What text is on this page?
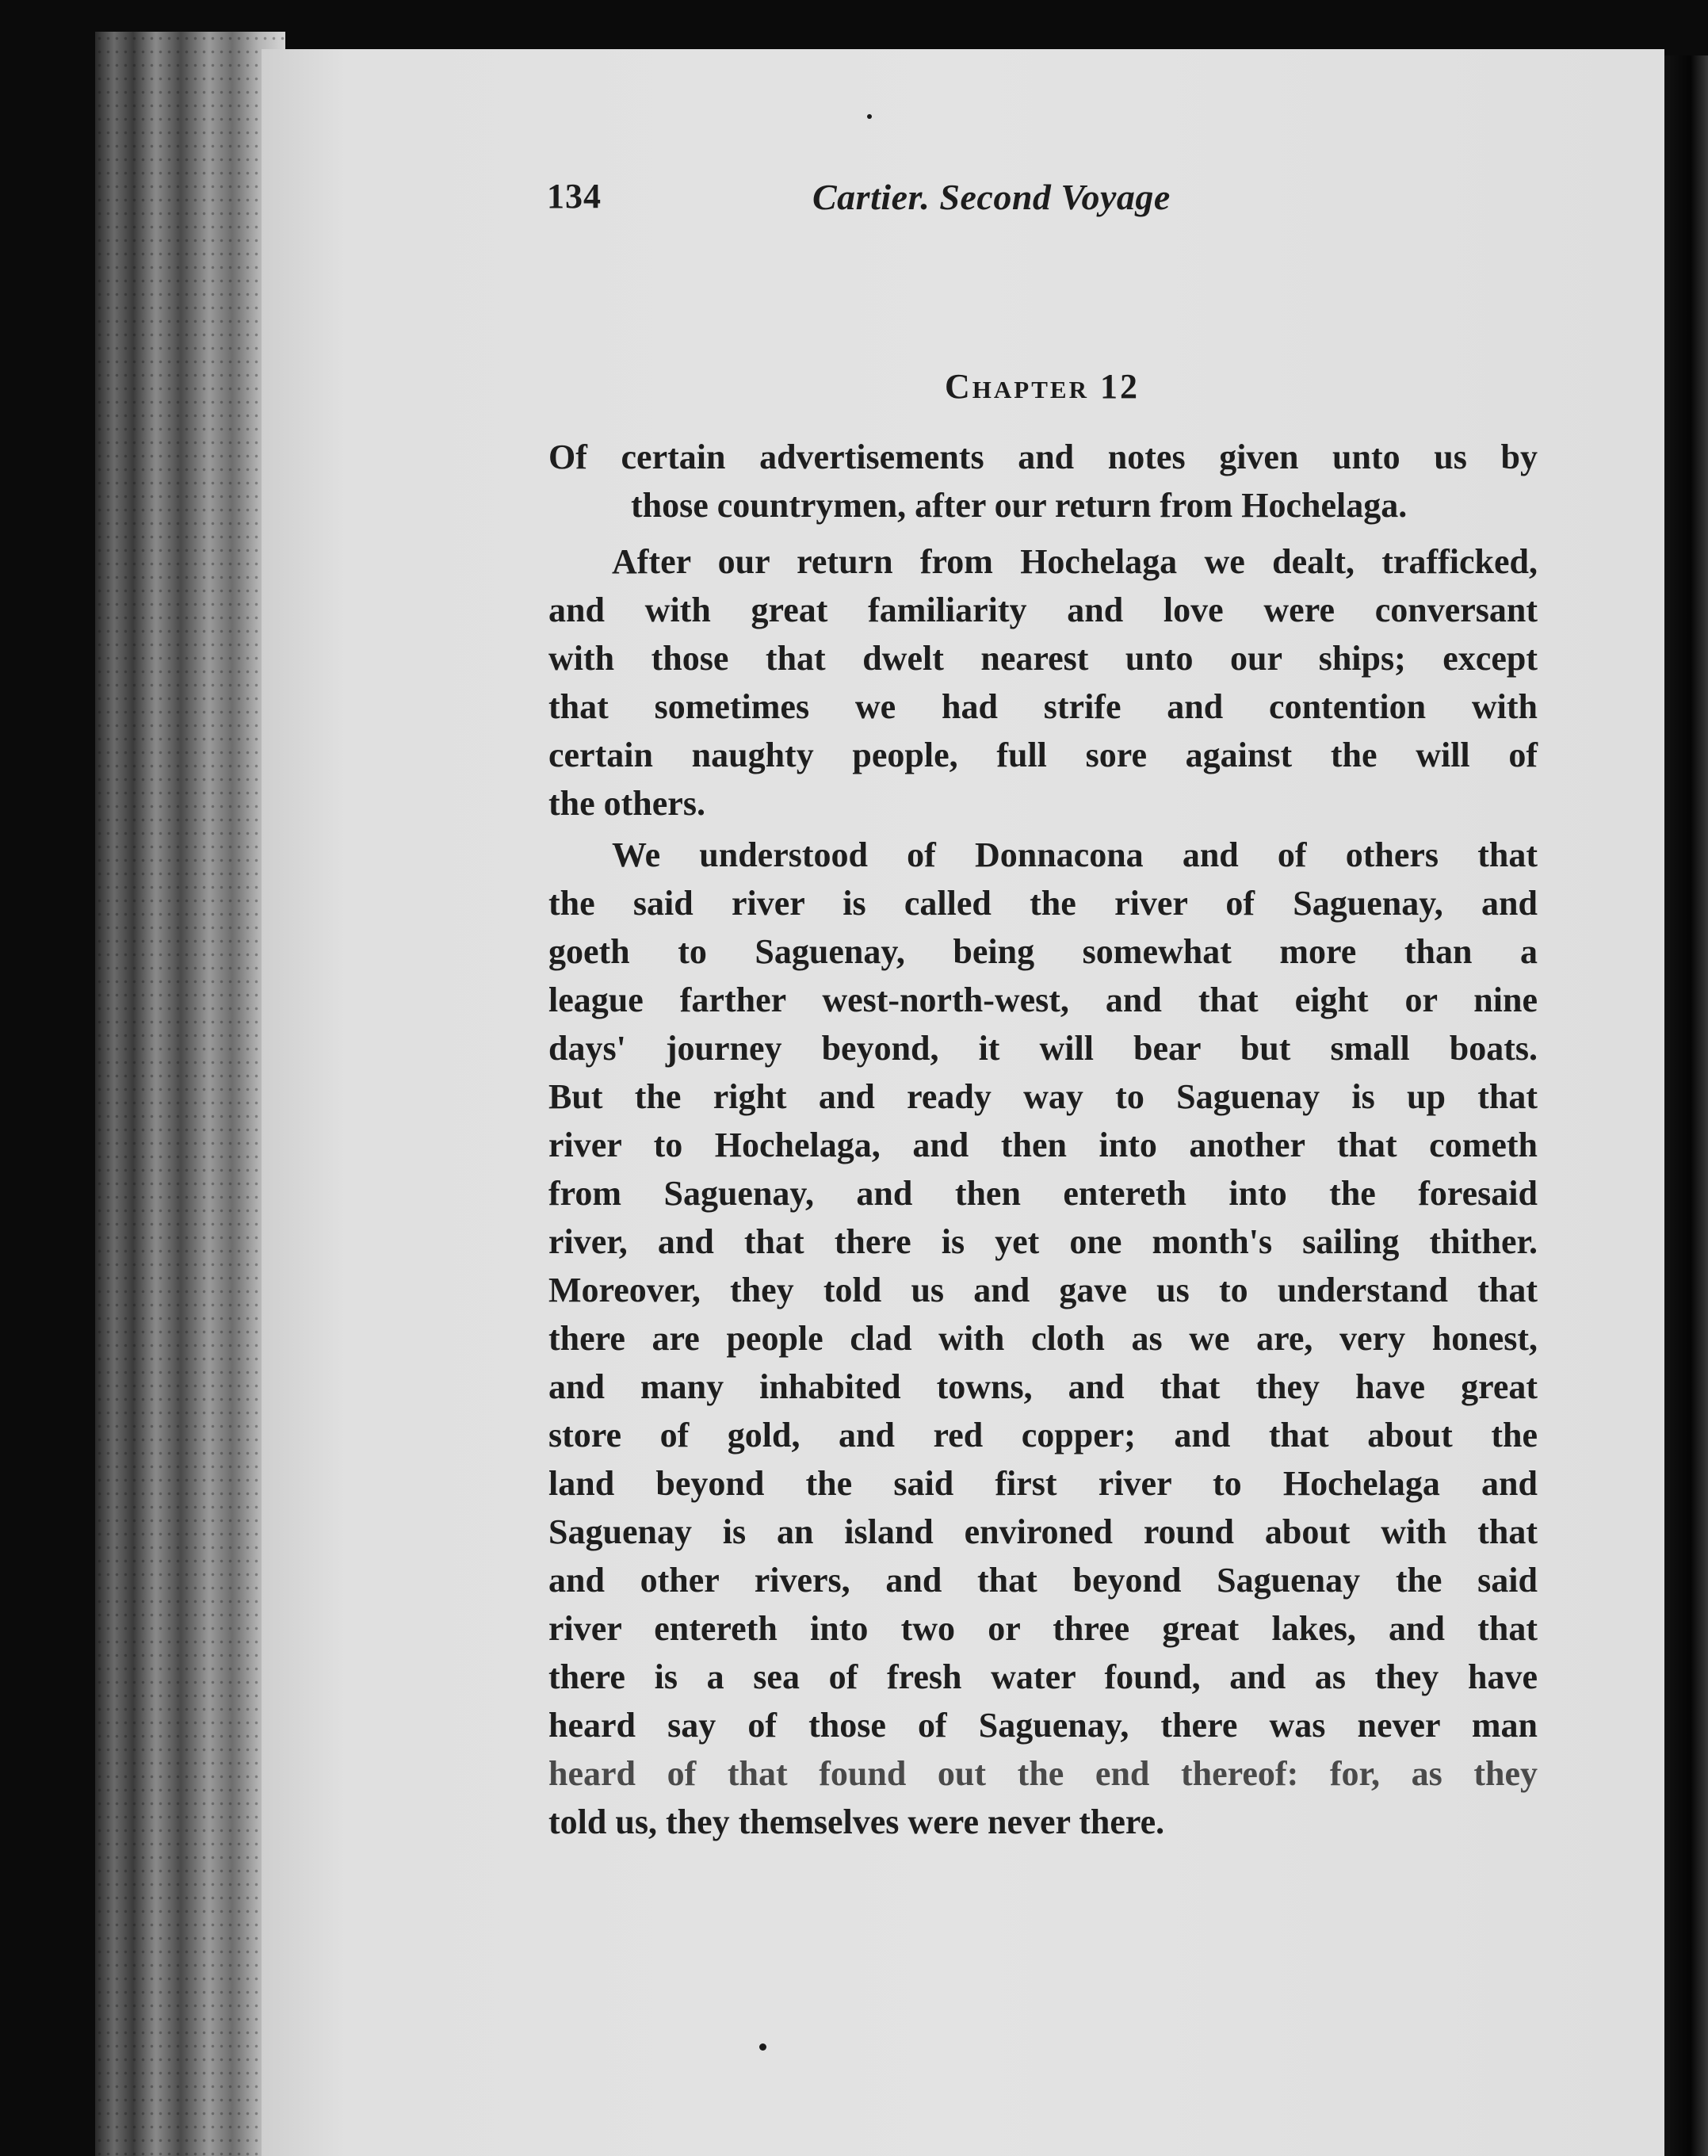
134	Cartier. Second Voyage
Chapter 12
Of certain advertisements and notes given unto us by
those countrymen, after our return from Hochelaga.
After our return from Hochelaga we dealt, trafficked,
and with great familiarity and love were conversant
with those that dwelt nearest unto our ships; except
that sometimes we had strife and contention with
certain naughty people, full sore against the will of
the others.
We understood of Donnacona and of others that
the said river is called the river of Saguenay, and
goeth to Saguenay, being somewhat more than a
league farther west-north-west, and that eight or nine
days' journey beyond, it will bear but small boats.
But the right and ready way to Saguenay is up that
river to Hochelaga, and then into another that cometh
from Saguenay, and then entereth into the foresaid
river, and that there is yet one month's sailing thither.
Moreover, they told us and gave us to understand that
there are people clad with cloth as we are, very honest,
and many inhabited towns, and that they have great
store of gold, and red copper; and that about the
land beyond the said first river to Hochelaga and
Saguenay is an island environed round about with that
and other rivers, and that beyond Saguenay the said
river entereth into two or three great lakes, and that
there is a sea of fresh water found, and as they have
heard say of those of Saguenay, there was never man
heard of that found out the end thereof: for, as they
told us, they themselves were never there.
